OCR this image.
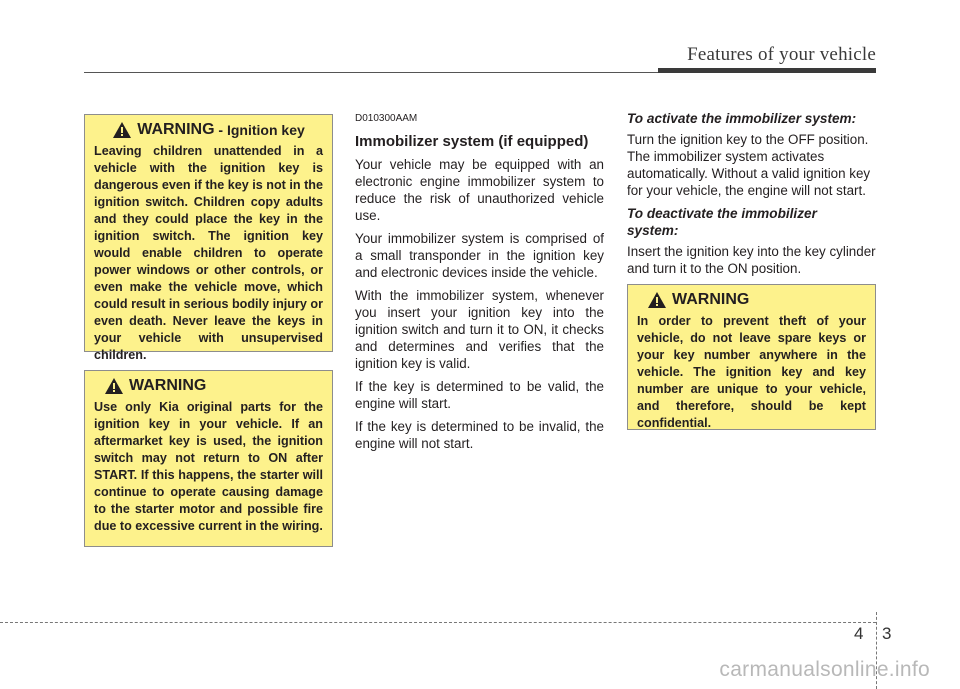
Features of your vehicle
WARNING - Ignition key
Leaving children unattended in a vehicle with the ignition key is dangerous even if the key is not in the ignition switch. Children copy adults and they could place the key in the ignition switch. The ignition key would enable children to operate power windows or other controls, or even make the vehicle move, which could result in serious bodily injury or even death. Never leave the keys in your vehicle with unsupervised children.
WARNING
Use only Kia original parts for the ignition key in your vehicle. If an aftermarket key is used, the ignition switch may not return to ON after START. If this happens, the starter will continue to operate causing damage to the starter motor and possible fire due to excessive current in the wiring.
D010300AAM
Immobilizer system (if equipped)

Your vehicle may be equipped with an electronic engine immobilizer system to reduce the risk of unauthorized vehicle use.

Your immobilizer system is comprised of a small transponder in the ignition key and electronic devices inside the vehicle.

With the immobilizer system, whenever you insert your ignition key into the ignition switch and turn it to ON, it checks and determines and verifies that the ignition key is valid.

If the key is determined to be valid, the engine will start.

If the key is determined to be invalid, the engine will not start.

To activate the immobilizer system:

Turn the ignition key to the OFF position. The immobilizer system activates automatically. Without a valid ignition key for your vehicle, the engine will not start.

To deactivate the immobilizer system:

Insert the ignition key into the key cylinder and turn it to the ON position.

WARNING
In order to prevent theft of your vehicle, do not leave spare keys or your key number anywhere in the vehicle. The ignition key and key number are unique to your vehicle, and therefore, should be kept confidential.
4 3
carmanualsonline.info
